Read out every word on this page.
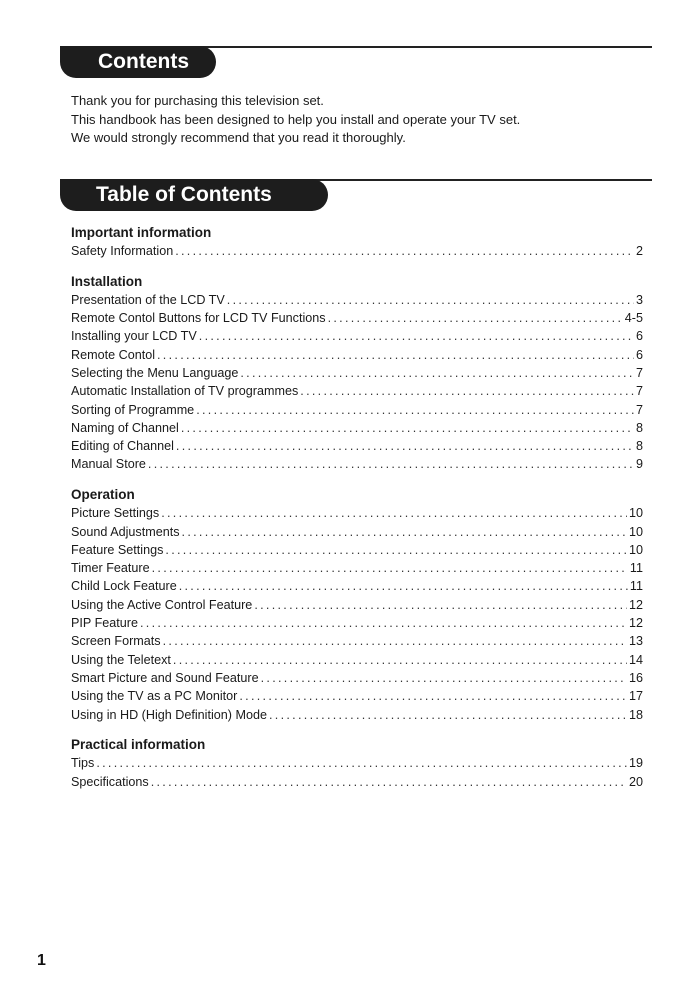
Contents
Thank you for purchasing this television set.
This handbook has been designed to help you install and operate your TV set.
We would strongly recommend that you read it thoroughly.
Table of Contents
Important information
Safety Information . . .	2
Installation
Presentation of the LCD TV . . .	3
Remote Contol Buttons for LCD TV Functions . . .	4-5
Installing your LCD TV . . .	6
Remote Contol . . .	6
Selecting the Menu Language . . .	7
Automatic Installation of TV programmes . . .	7
Sorting of Programme . . .	7
Naming of Channel . . .	8
Editing of Channel . . .	8
Manual Store . . .	9
Operation
Picture Settings . . .	10
Sound Adjustments . . .	10
Feature Settings . . .	10
Timer Feature . . .	11
Child Lock Feature . . .	11
Using the Active Control Feature . . .	12
PIP Feature . . .	12
Screen Formats . . .	13
Using the Teletext . . .	14
Smart Picture and Sound Feature . . .	16
Using the TV as a PC Monitor . . .	17
Using in HD (High Definition) Mode . . .	18
Practical information
Tips . . .	19
Specifications . . .	20
1
